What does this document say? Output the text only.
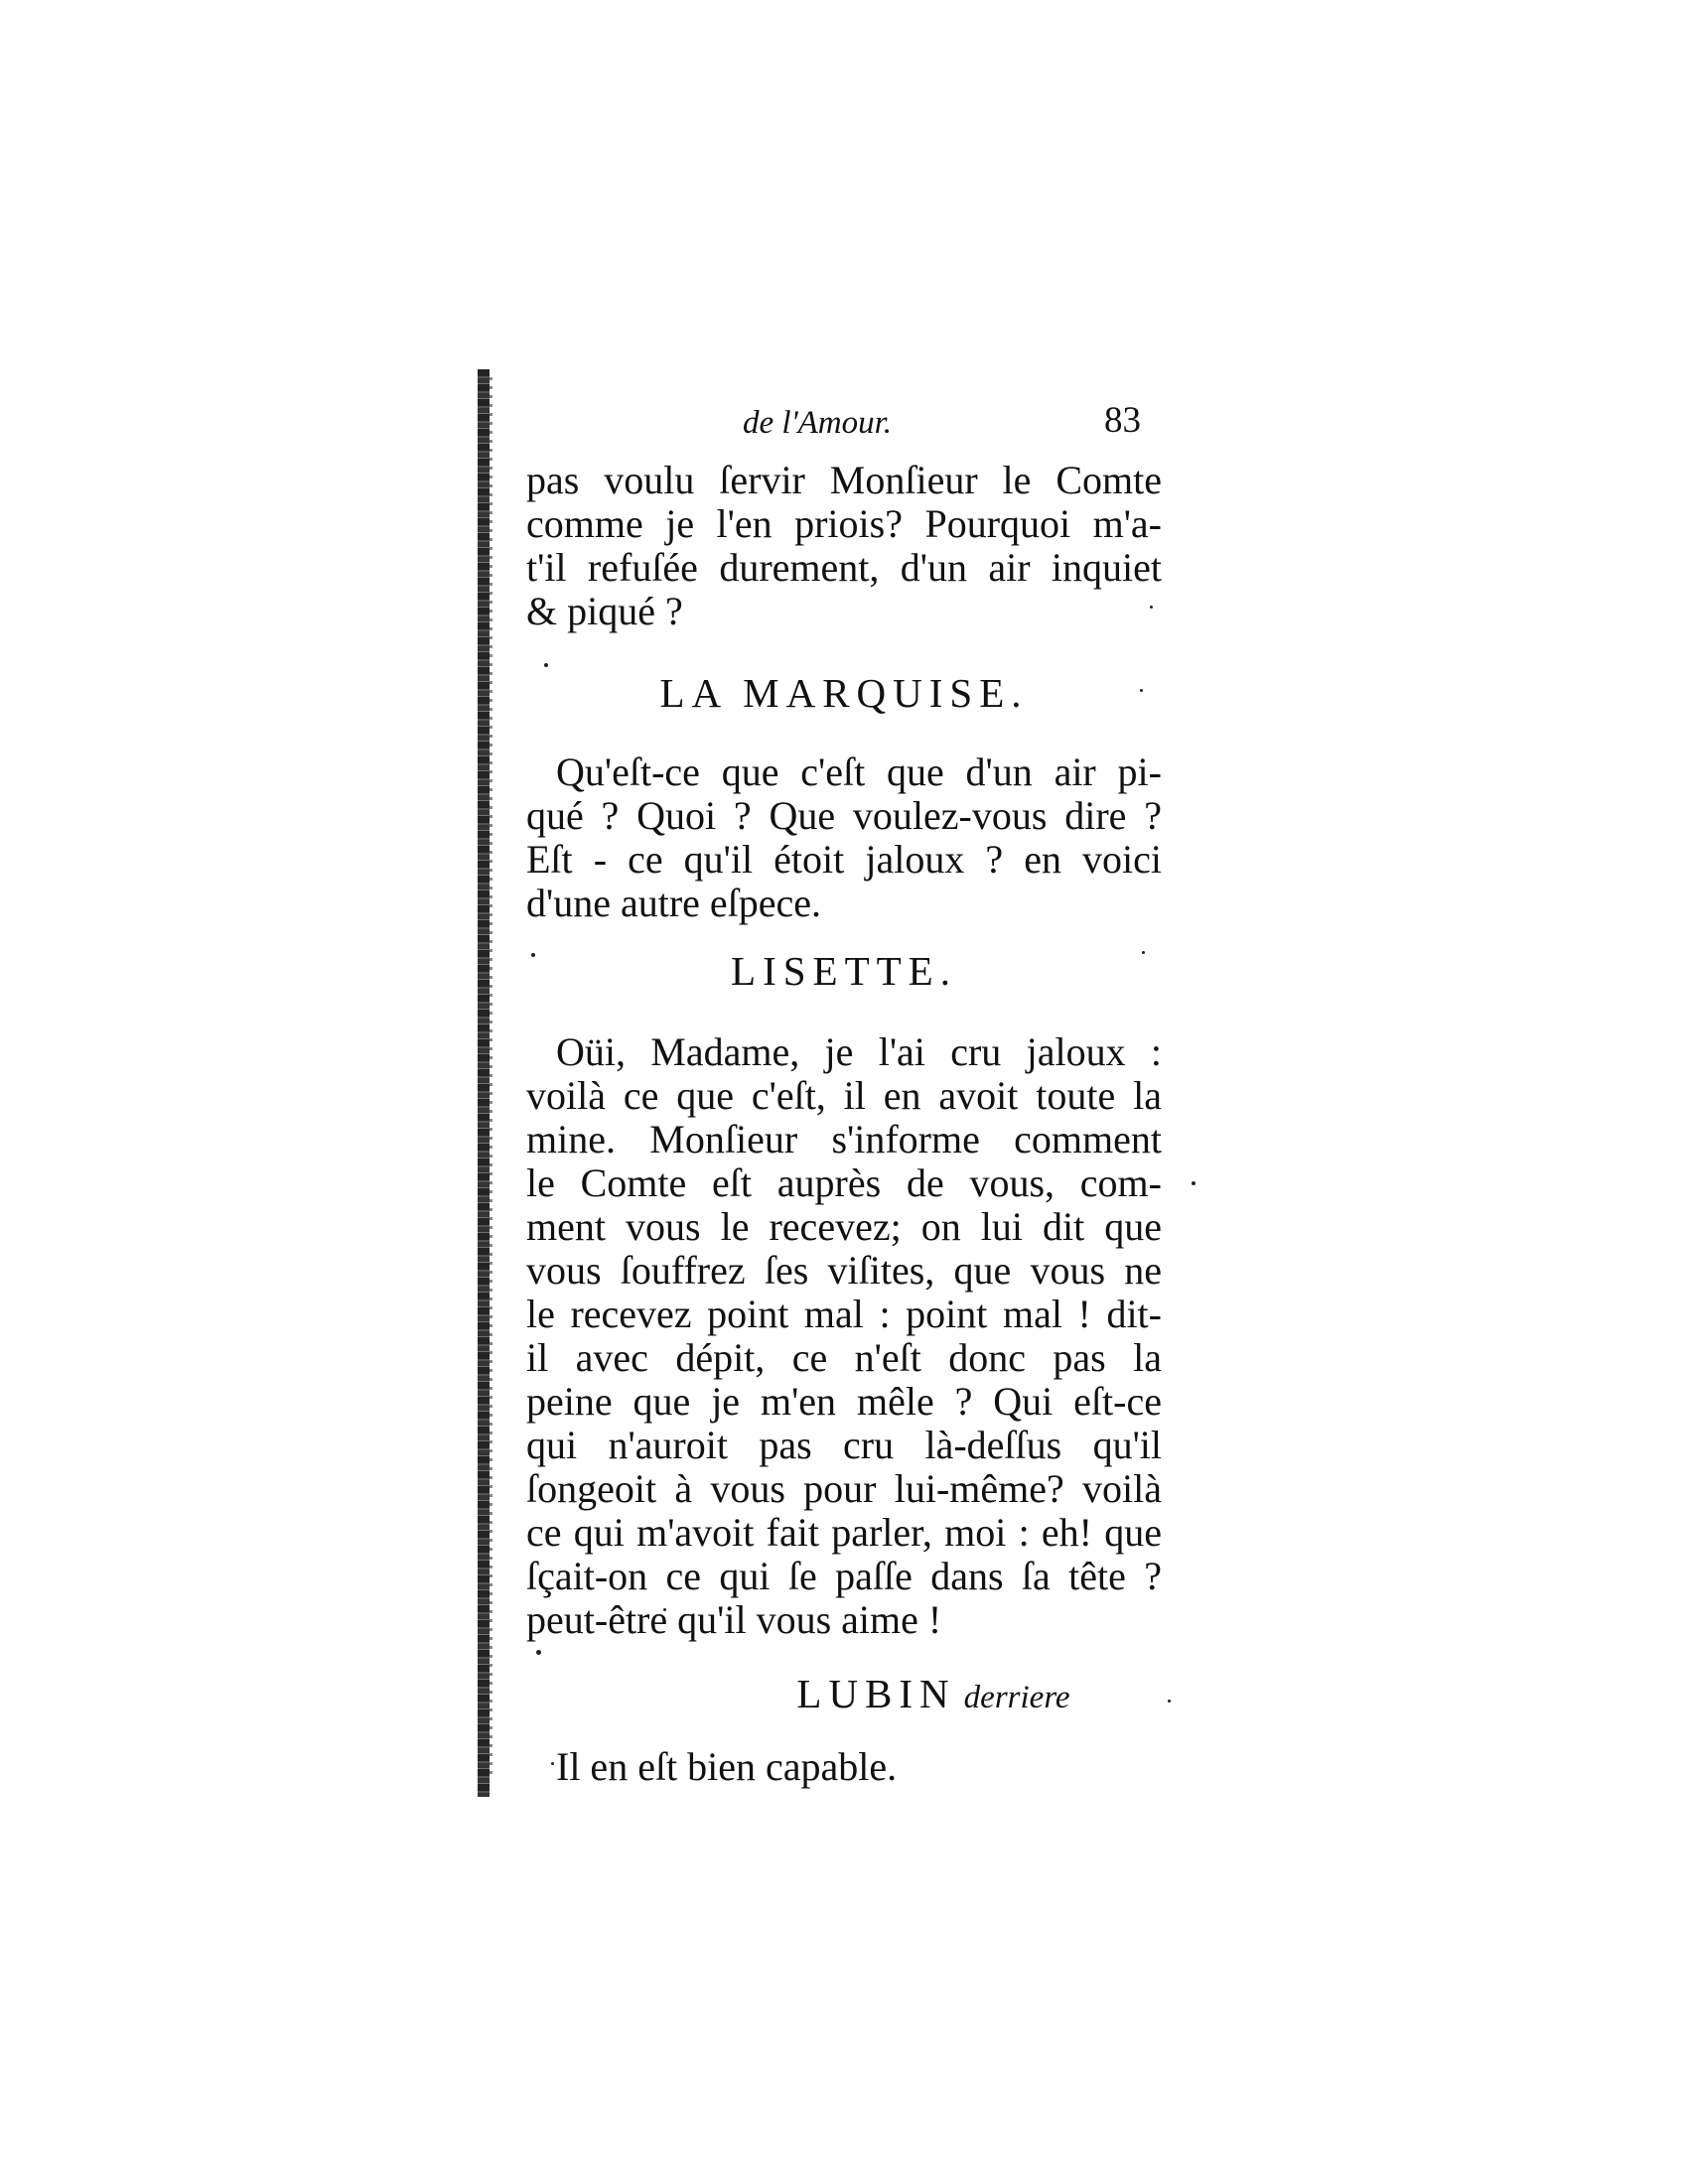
de l'Amour.	83
pas voulu ſervir Monſieur le Comte
comme je l'en priois? Pourquoi m'a-
t'il refuſée durement, d'un air inquiet
& piqué ?
LA MARQUISE.
Qu'eſt-ce que c'eſt que d'un air pi-
qué ? Quoi ? Que voulez-vous dire ?
Eſt - ce qu'il étoit jaloux ? en voici
d'une autre eſpece.
LISETTE.
Oüi, Madame, je l'ai cru jaloux :
voilà ce que c'eſt, il en avoit toute la
mine. Monſieur s'informe comment
le Comte eſt auprès de vous, com-
ment vous le recevez; on lui dit que
vous ſouffrez ſes viſites, que vous ne
le recevez point mal : point mal ! dit-
il avec dépit, ce n'eſt donc pas la
peine que je m'en mêle ? Qui eſt-ce
qui n'auroit pas cru là-deſſus qu'il
ſongeoit à vous pour lui-même? voilà
ce qui m'avoit fait parler, moi : eh! que
ſçait-on ce qui ſe paſſe dans ſa tête ?
peut-être qu'il vous aime !
LUBIN derriere
Il en eſt bien capable.
